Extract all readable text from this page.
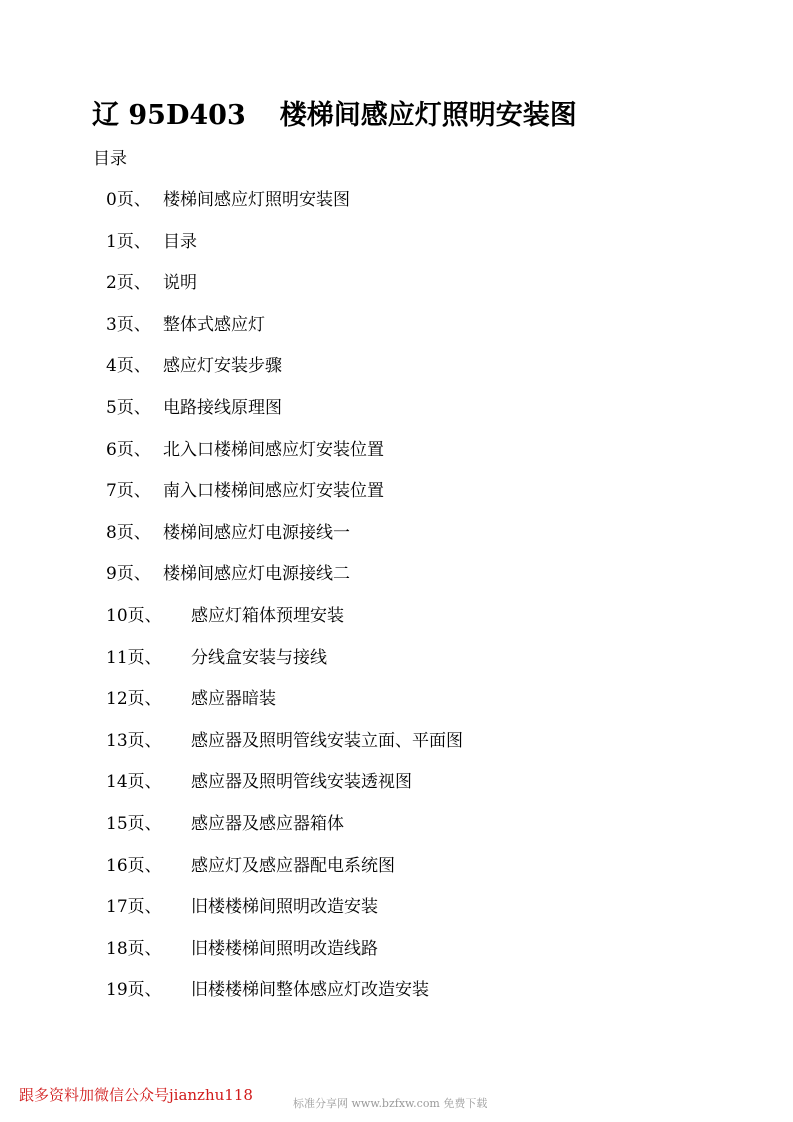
辽 95D403 楼梯间感应灯照明安装图
目录
0页、 楼梯间感应灯照明安装图
1页、 目录
2页、 说明
3页、 整体式感应灯
4页、 感应灯安装步骤
5页、 电路接线原理图
6页、 北入口楼梯间感应灯安装位置
7页、 南入口楼梯间感应灯安装位置
8页、 楼梯间感应灯电源接线一
9页、 楼梯间感应灯电源接线二
10页、 感应灯箱体预埋安装
11页、 分线盒安装与接线
12页、 感应器暗装
13页、 感应器及照明管线安装立面、平面图
14页、 感应器及照明管线安装透视图
15页、 感应器及感应器箱体
16页、 感应灯及感应器配电系统图
17页、 旧楼楼梯间照明改造安装
18页、 旧楼楼梯间照明改造线路
19页、 旧楼楼梯间整体感应灯改造安装
跟多资料加微信公众号jianzhu118	标准分享网 www.bzfxw.com 免费下载
